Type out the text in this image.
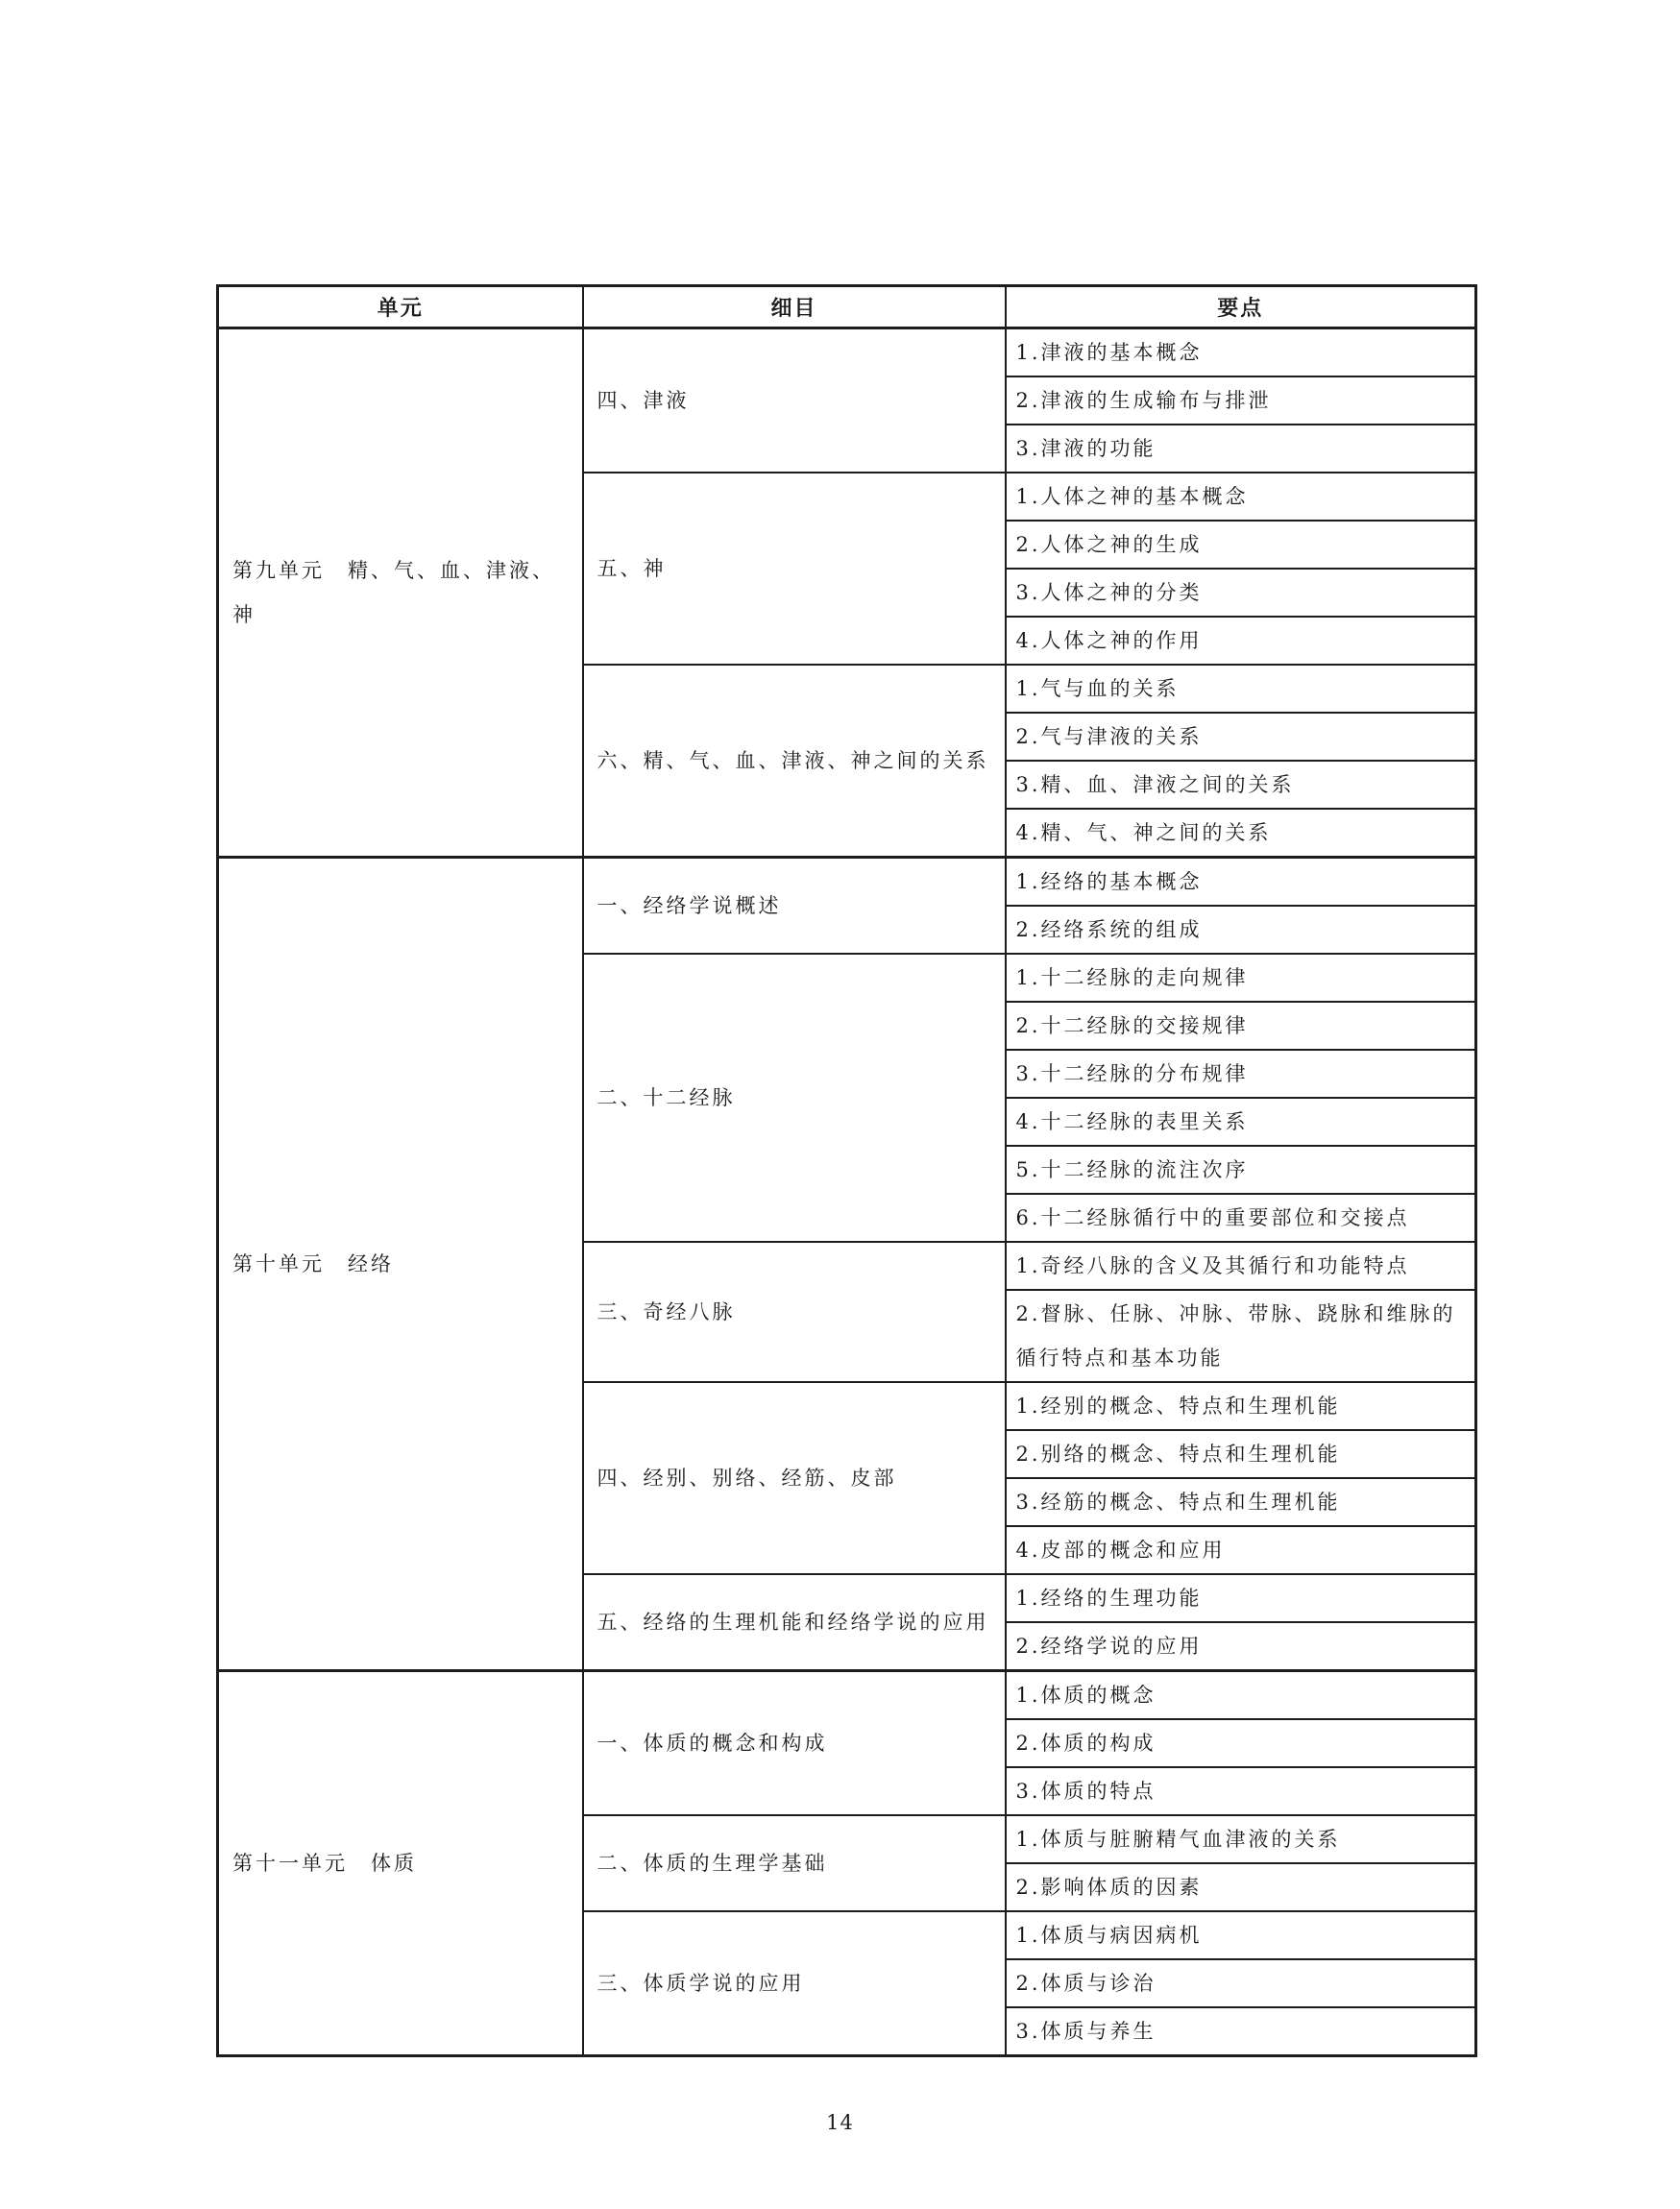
单元	细目	要点
第九单元　精、气、血、津液、神	四、津液	1.津液的基本概念
		2.津液的生成输布与排泄
		3.津液的功能
	五、神	1.人体之神的基本概念
		2.人体之神的生成
		3.人体之神的分类
		4.人体之神的作用
	六、精、气、血、津液、神之间的关系	1.气与血的关系
		2.气与津液的关系
		3.精、血、津液之间的关系
		4.精、气、神之间的关系
第十单元　经络	一、经络学说概述	1.经络的基本概念
		2.经络系统的组成
	二、十二经脉	1.十二经脉的走向规律
		2.十二经脉的交接规律
		3.十二经脉的分布规律
		4.十二经脉的表里关系
		5.十二经脉的流注次序
		6.十二经脉循行中的重要部位和交接点
	三、奇经八脉	1.奇经八脉的含义及其循行和功能特点
		2.督脉、任脉、冲脉、带脉、跷脉和维脉的循行特点和基本功能
	四、经别、别络、经筋、皮部	1.经别的概念、特点和生理机能
		2.别络的概念、特点和生理机能
		3.经筋的概念、特点和生理机能
		4.皮部的概念和应用
	五、经络的生理机能和经络学说的应用	1.经络的生理功能
		2.经络学说的应用
第十一单元　体质	一、体质的概念和构成	1.体质的概念
		2.体质的构成
		3.体质的特点
	二、体质的生理学基础	1.体质与脏腑精气血津液的关系
		2.影响体质的因素
	三、体质学说的应用	1.体质与病因病机
		2.体质与诊治
		3.体质与养生
14
